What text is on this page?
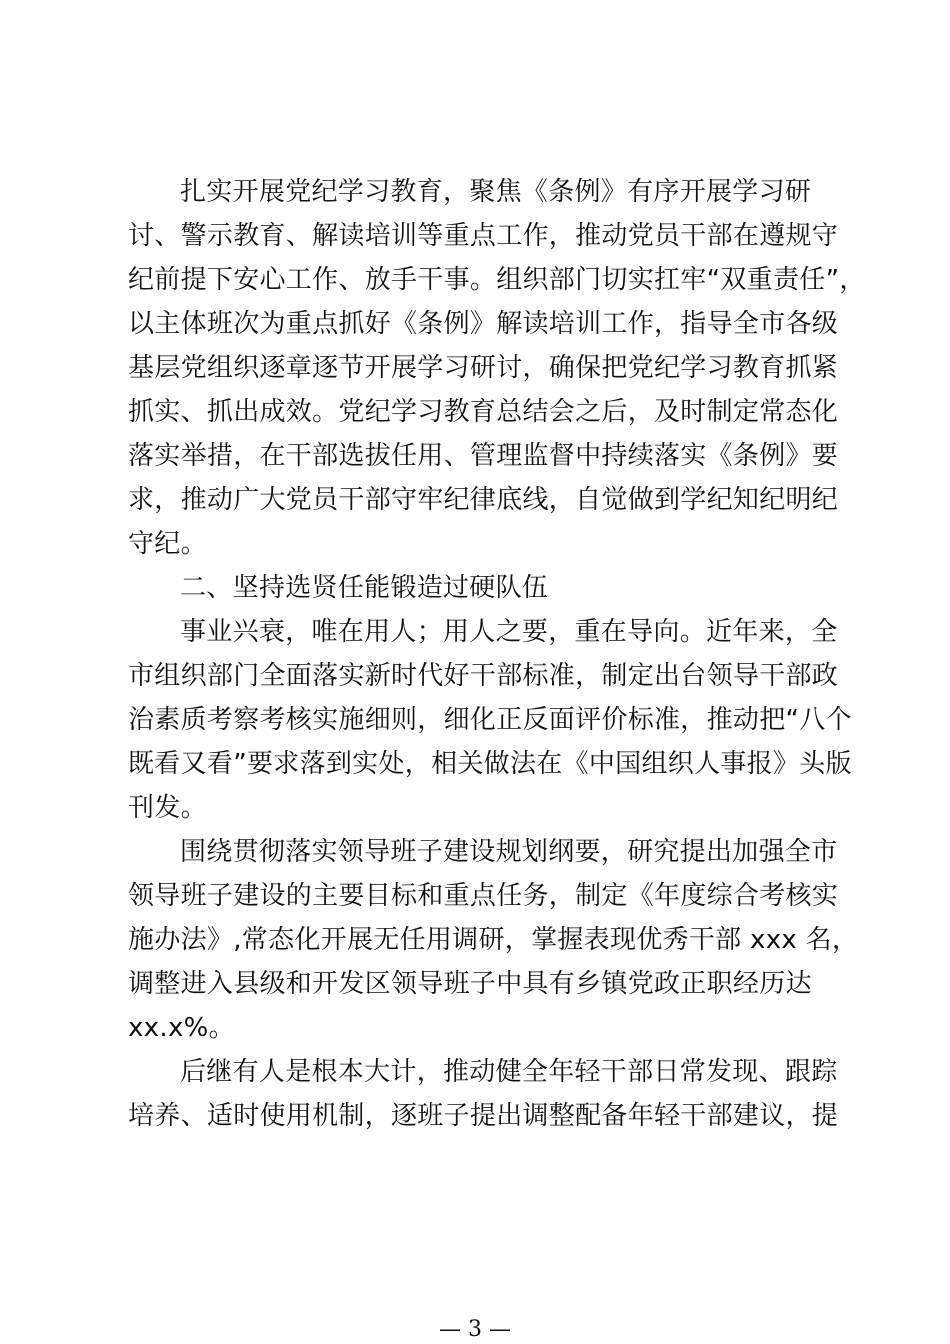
扎实开展党纪学习教育，聚焦《条例》有序开展学习研
讨、警示教育、解读培训等重点工作，推动党员干部在遵规守
纪前提下安心工作、放手干事。组织部门切实扛牢“双重责任”，
以主体班次为重点抓好《条例》解读培训工作，指导全市各级
基层党组织逐章逐节开展学习研讨，确保把党纪学习教育抓紧
抓实、抓出成效。党纪学习教育总结会之后，及时制定常态化
落实举措，在干部选拔任用、管理监督中持续落实《条例》要
求，推动广大党员干部守牢纪律底线，自觉做到学纪知纪明纪
守纪。
二、坚持选贤任能锻造过硬队伍
事业兴衰，唯在用人；用人之要，重在导向。近年来，全
市组织部门全面落实新时代好干部标准，制定出台领导干部政
治素质考察考核实施细则，细化正反面评价标准，推动把“八个
既看又看”要求落到实处，相关做法在《中国组织人事报》头版
刊发。
围绕贯彻落实领导班子建设规划纲要，研究提出加强全市
领导班子建设的主要目标和重点任务，制定《年度综合考核实
施办法》,常态化开展无任用调研，掌握表现优秀干部 xxx 名，
调整进入县级和开发区领导班子中具有乡镇党政正职经历达
xx.x%。
后继有人是根本大计，推动健全年轻干部日常发现、跟踪
培养、适时使用机制，逐班子提出调整配备年轻干部建议，提
— 3 —
